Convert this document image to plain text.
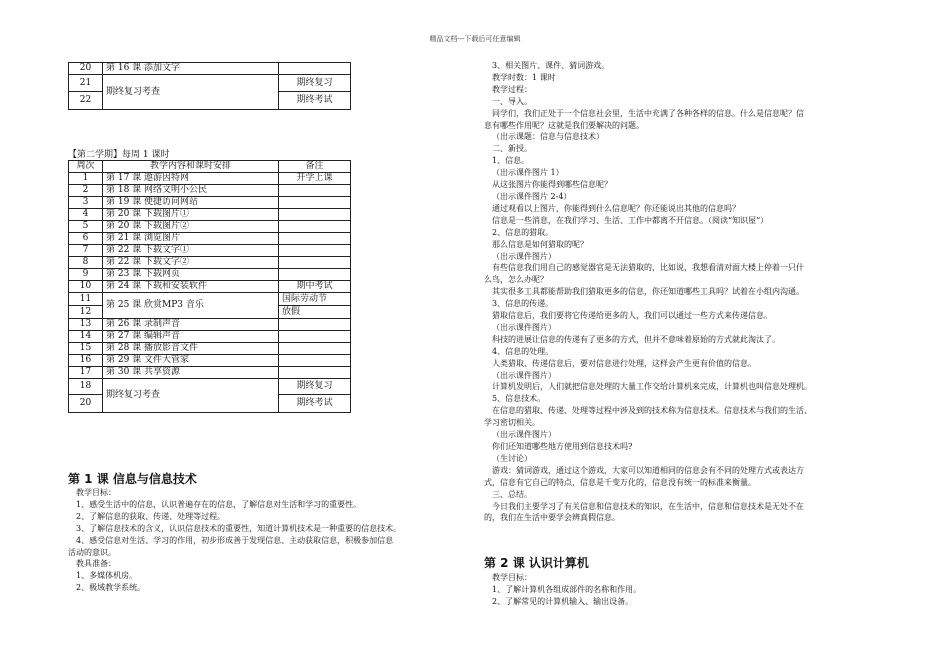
精品文档---下载后可任意编辑
20	第 16 课 添加文字	
21	期终复习考查	期终复习
22		期终考试
【第二学期】每周 1 课时
周次	教学内容和课时安排	备注
1	第 17 课 遨游因特网	开学上课
2	第 18 课 网络文明小公民	
3	第 19 课 便捷访问网站	
4	第 20 课 下载图片①	
5	第 20 课 下载图片②	
6	第 21 课 浏览图片	
7	第 22 课 下载文字①	
8	第 22 课 下载文字②	
9	第 23 课 下载网页	
10	第 24 课 下载和安装软件	期中考试
11	第 25 课 欣赏MP3 音乐	国际劳动节
12		放假
13	第 26 课 录制声音	
14	第 27 课 编辑声音	
15	第 28 课 播放影音文件	
16	第 29 课 文件大管家	
17	第 30 课 共享资源	
18	期终复习考查	期终复习
20		期终考试
第 1 课 信息与信息技术
教学目标：
1、感受生活中的信息，认识普遍存在的信息，了解信息对生活和学习的重要性。
2、了解信息的获取、传递、处理等过程。
3、了解信息技术的含义，认识信息技术的重要性，知道计算机技术是一种重要的信息技术。
4、感受信息对生活、学习的作用，初步形成善于发现信息、主动获取信息，积极参加信息
活动的意识。
教具准备：
1、多媒体机房。
2、极域教学系统。
3、相关图片、课件、猜词游戏。
教学时数：1 课时
教学过程：
一、导入。
同学们，我们正处于一个信息社会里，生活中充满了各种各样的信息。什么是信息呢？信
息有哪些作用呢？这就是我们要解决的问题。
（出示课题：信息与信息技术）
二、新授。
1、信息。
（出示课件图片 1）
从这张图片你能得到哪些信息呢？
（出示课件图片 2-4）
通过观看以上图片，你能得到什么信息呢？你还能说出其他的信息吗？
信息是一些消息，在我们学习、生活、工作中都离不开信息。（阅读“知识屋”）
2、信息的猎取。
那么信息是如何猎取的呢？
（出示课件图片）
有些信息我们用自己的感觉器官是无法猎取的，比如说，我想看清对面大楼上停着一只什
么鸟，怎么办呢？
其实很多工具都能帮助我们猎取更多的信息，你还知道哪些工具吗？试着在小组内沟通。
3、信息的传递。
猎取信息后，我们要将它传递给更多的人，我们可以通过一些方式来传递信息。
（出示课件图片）
科技的进展让信息的传递有了更多的方式，但并不意味着原始的方式就此淘汰了。
4、信息的处理。
人类猎取、传递信息后，要对信息进行处理，这样会产生更有价值的信息。
（出示课件图片）
计算机发明后，人们就把信息处理的大量工作交给计算机来完成，计算机也叫信息处理机。
5、信息技术。
在信息的猎取、传递、处理等过程中涉及到的技术称为信息技术。信息技术与我们的生活、
学习密切相关。
（出示课件图片）
你们还知道哪些地方使用到信息技术吗?
（生讨论）
游戏：猜词游戏，通过这个游戏，大家可以知道相同的信息会有不同的处理方式或表达方
式，信息有它自己的特点，信息是千变万化的，信息没有统一的标准来衡量。
三、总结。
今日我们主要学习了有关信息和信息技术的知识，在生活中，信息和信息技术是无处不在
的，我们在生活中要学会辨真假信息。
第 2 课 认识计算机
教学目标：
1、了解计算机各组成部件的名称和作用。
2、了解常见的计算机输入、输出设备。
